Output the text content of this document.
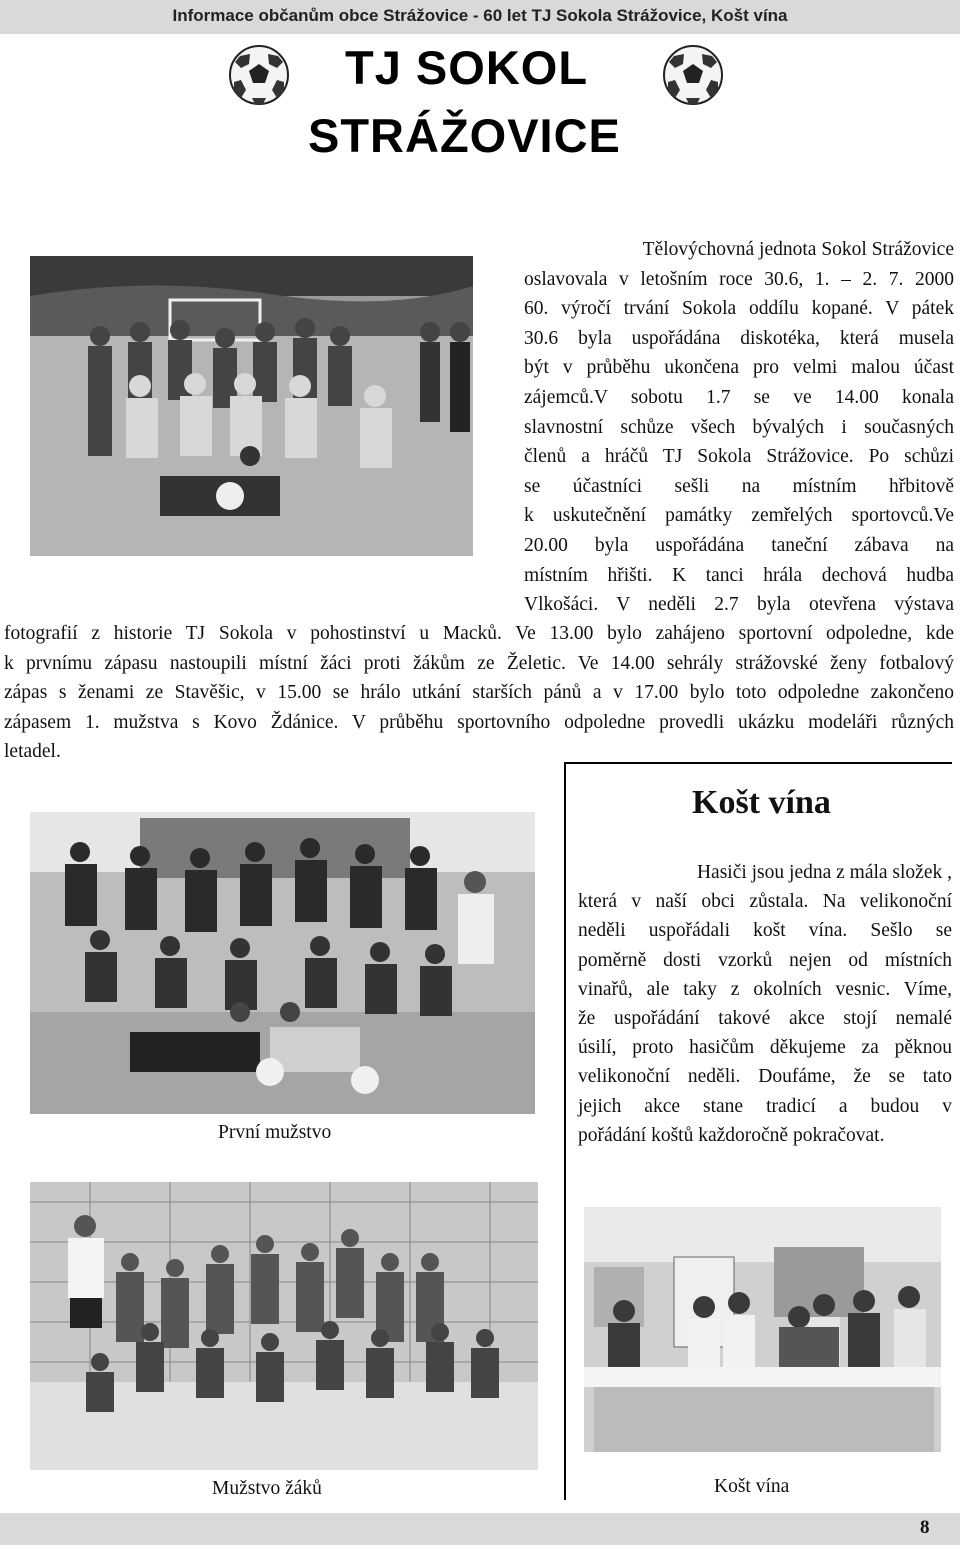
Informace občanům obce Strážovice - 60 let TJ Sokola Strážovice, Košt vína
TJ SOKOL
STRÁŽOVICE
Tělovýchovná jednota Sokol Strážovice
oslavovala v letošním roce 30.6, 1. – 2. 7. 2000
60. výročí trvání Sokola oddílu kopané. V pátek
30.6 byla uspořádána diskotéka, která musela
být v průběhu ukončena pro velmi malou účast
zájemců.V sobotu 1.7 se ve 14.00 konala
slavnostní schůze všech bývalých i současných
členů a hráčů TJ Sokola Strážovice. Po schůzi
se účastníci sešli na místním hřbitově
k uskutečnění památky zemřelých sportovců.Ve
20.00 byla uspořádána taneční zábava na
místním hřišti. K tanci hrála dechová hudba
Vlkošáci. V neděli 2.7 byla otevřena výstava
fotografií z historie TJ Sokola v pohostinství u Macků. Ve 13.00 bylo zahájeno sportovní odpoledne, kde
k prvnímu zápasu nastoupili místní žáci proti žákům ze Želetic. Ve 14.00 sehrály strážovské ženy fotbalový
zápas s ženami ze Stavěšic, v 15.00 se hrálo utkání starších pánů a v 17.00 bylo toto odpoledne zakončeno
zápasem 1. mužstva s Kovo Ždánice. V průběhu sportovního odpoledne provedli ukázku modeláři různých
letadel.
První mužstvo
Košt vína
Hasiči jsou jedna z mála složek ,
která v naší obci zůstala. Na velikonoční
neděli uspořádali košt vína. Sešlo se
poměrně dosti vzorků nejen od místních
vinařů, ale taky z okolních vesnic. Víme,
že uspořádání takové akce stojí nemalé
úsilí, proto hasičům děkujeme za pěknou
velikonoční neděli. Doufáme, že se tato
jejich akce stane tradicí a budou v
pořádání koštů každoročně pokračovat.
Mužstvo žáků	Košt vína
8
